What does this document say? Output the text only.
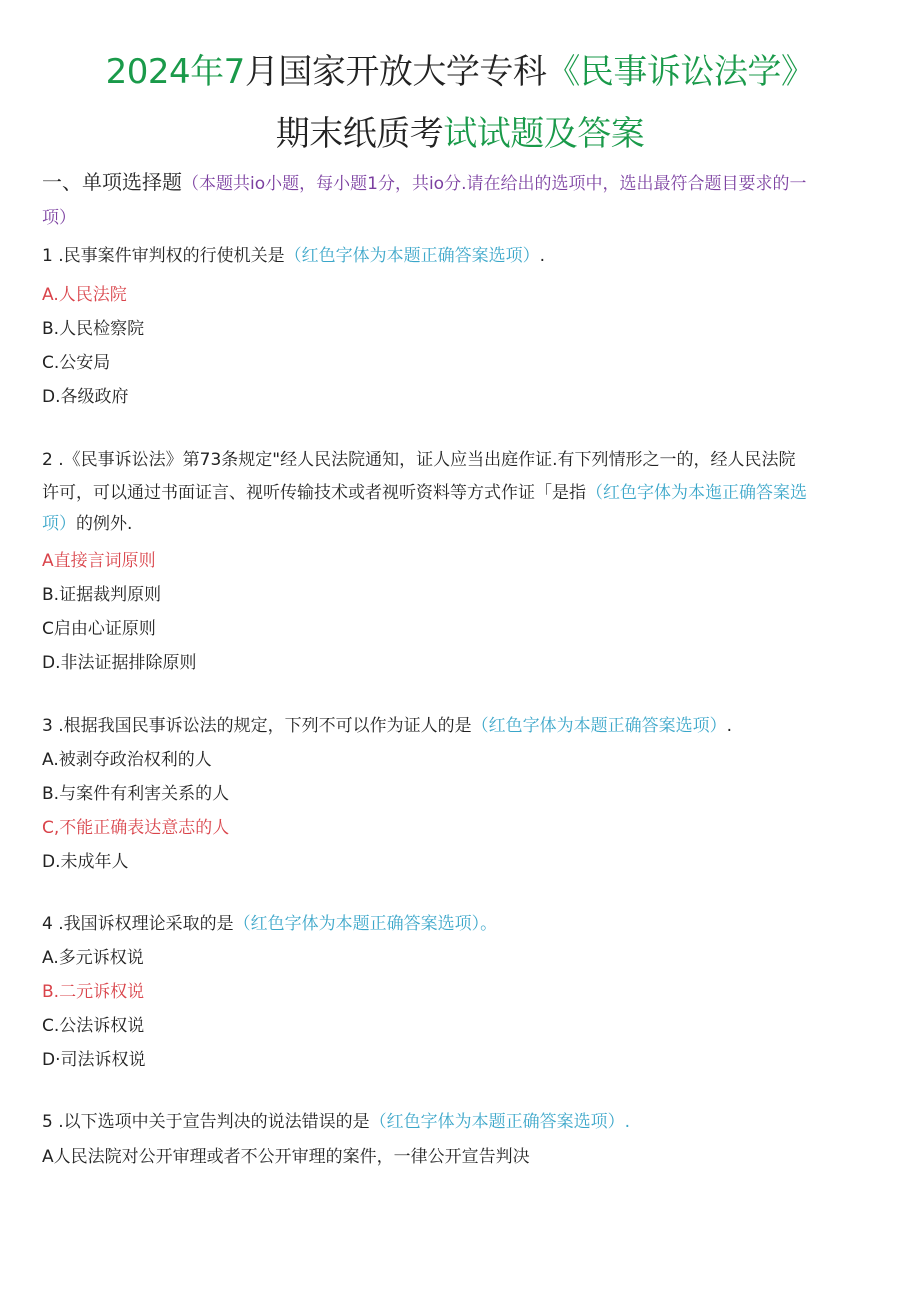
2024年7月国家开放大学专科《民事诉讼法学》
期末纸质考试试题及答案
一、单项选择题（本题共io小题，每小题1分，共io分.请在给出的选项中，选出最符合题目要求的一
项）
1 .民事案件审判权的行使机关是（红色字体为本题正确答案选项）.
A.人民法院
B.人民检察院
C.公安局
D.各级政府
2 .《民事诉讼法》第73条规定"经人民法院通知，证人应当出庭作证.有下列情形之一的，经人民法院
许可，可以通过书面证言、视听传输技术或者视听资料等方式作证「是指（红色字体为本迤正确答案选
项）的例外.
A直接言词原则
B.证据裁判原则
C启由心证原则
D.非法证据排除原则
3 .根据我国民事诉讼法的规定，下列不可以作为证人的是（红色字体为本题正确答案选项）.
A.被剥夺政治权利的人
B.与案件有利害关系的人
C,不能正确表达意志的人
D.未成年人
4 .我国诉权理论采取的是（红色字体为本题正确答案选项）。
A.多元诉权说
B.二元诉权说
C.公法诉权说
D·司法诉权说
5 .以下选项中关于宣告判决的说法错误的是（红色字体为本题正确答案选项）.
A人民法院对公开审理或者不公开审理的案件，一律公开宣告判决
